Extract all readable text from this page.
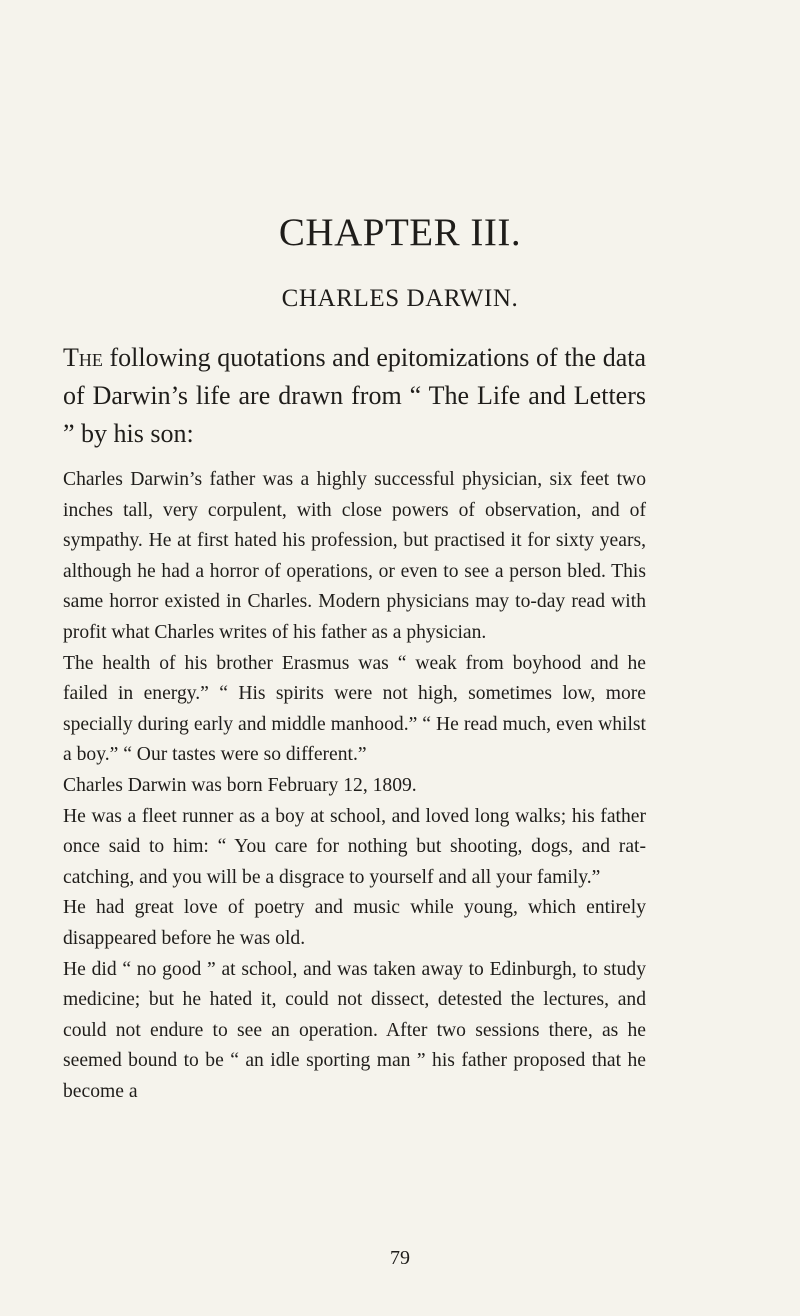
CHAPTER III.
CHARLES DARWIN.
The following quotations and epitomizations of the data of Darwin’s life are drawn from “ The Life and Letters ” by his son:

Charles Darwin’s father was a highly successful physician, six feet two inches tall, very corpulent, with close powers of observation, and of sympathy. He at first hated his profession, but practised it for sixty years, although he had a horror of operations, or even to see a person bled. This same horror existed in Charles. Modern physicians may to-day read with profit what Charles writes of his father as a physician.

The health of his brother Erasmus was “ weak from boyhood and he failed in energy.” “ His spirits were not high, sometimes low, more specially during early and middle manhood.” “ He read much, even whilst a boy.” “ Our tastes were so different.”

Charles Darwin was born February 12, 1809.

He was a fleet runner as a boy at school, and loved long walks; his father once said to him: “ You care for nothing but shooting, dogs, and rat-catching, and you will be a disgrace to yourself and all your family.”

He had great love of poetry and music while young, which entirely disappeared before he was old.

He did “ no good ” at school, and was taken away to Edinburgh, to study medicine; but he hated it, could not dissect, detested the lectures, and could not endure to see an operation. After two sessions there, as he seemed bound to be “ an idle sporting man ” his father proposed that he become a

79
